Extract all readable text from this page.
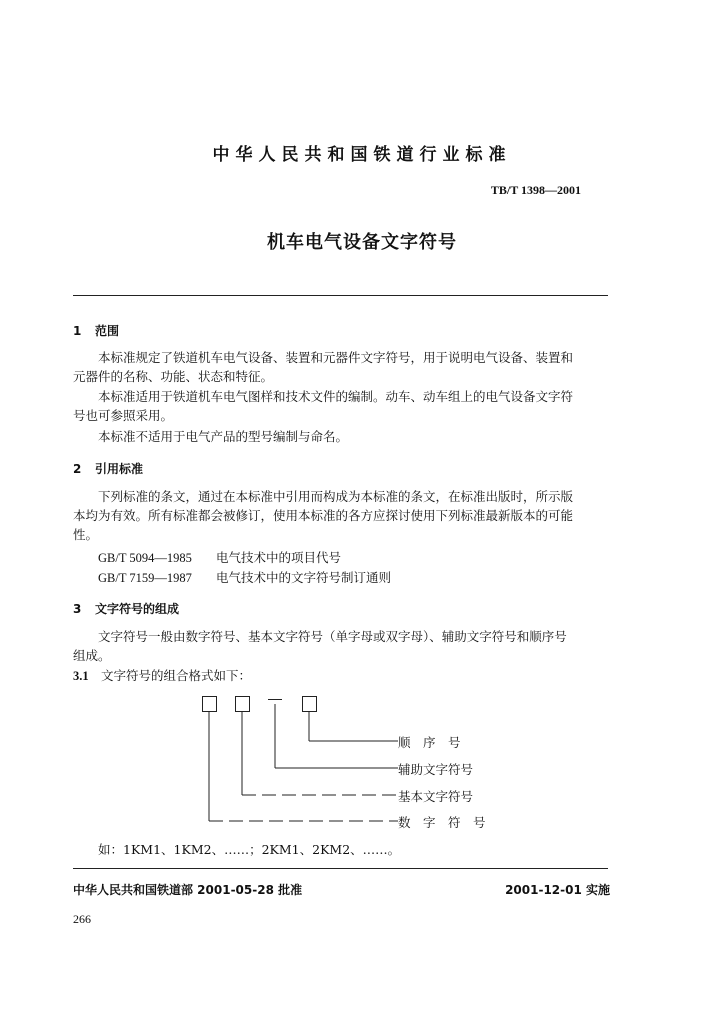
中华人民共和国铁道行业标准
TB/T 1398—2001
机车电气设备文字符号
1 范围
本标准规定了铁道机车电气设备、装置和元器件文字符号，用于说明电气设备、装置和
元器件的名称、功能、状态和特征。
本标准适用于铁道机车电气图样和技术文件的编制。动车、动车组上的电气设备文字符
号也可参照采用。
本标准不适用于电气产品的型号编制与命名。
2 引用标准
下列标准的条文，通过在本标准中引用而构成为本标准的条文，在标准出版时，所示版
本均为有效。所有标准都会被修订，使用本标准的各方应探讨使用下列标准最新版本的可能
性。
GB/T 5094—1985 电气技术中的项目代号
GB/T 7159—1987 电气技术中的文字符号制订通则
3 文字符号的组成
文字符号一般由数字符号、基本文字符号（单字母或双字母）、辅助文字符号和顺序号
组成。
3.1 文字符号的组合格式如下：
顺　序　号
辅助文字符号
基本文字符号
数　字　符　号
如：1KM1、1KM2、……；2KM1、2KM2、……。
中华人民共和国铁道部 2001-05-28 批准	2001-12-01 实施
266
